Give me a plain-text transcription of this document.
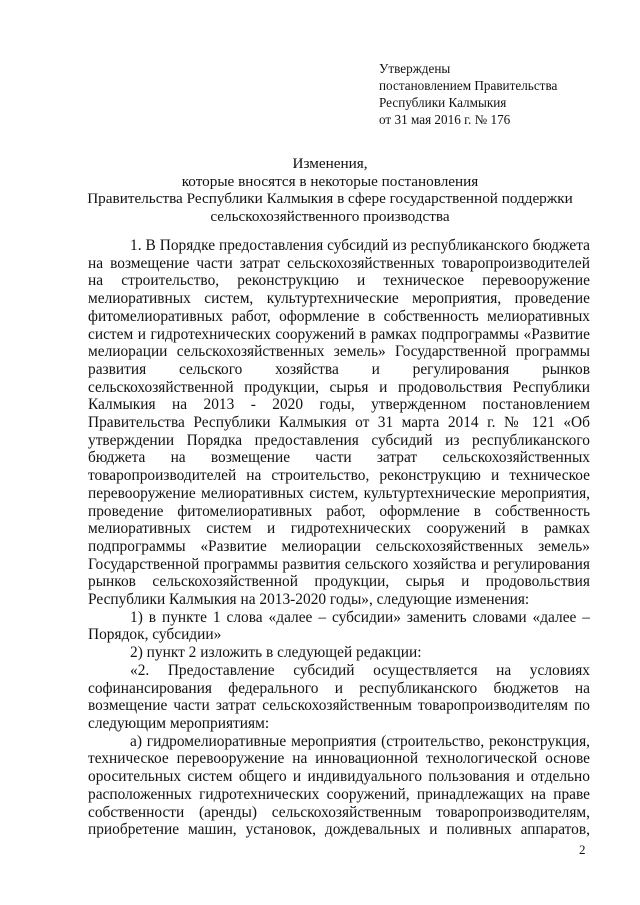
Утверждены
постановлением Правительства
Республики Калмыкия
от 31 мая 2016 г. № 176
Изменения,
которые вносятся в некоторые постановления
Правительства Республики Калмыкия в сфере государственной поддержки
сельскохозяйственного производства

1. В Порядке предоставления субсидий из республиканского бюджета на возмещение части затрат сельскохозяйственных товаропроизводителей на строительство, реконструкцию и техническое перевооружение мелиоративных систем, культуртехнические мероприятия, проведение фитомелиоративных работ, оформление в собственность мелиоративных систем и гидротехнических сооружений в рамках подпрограммы «Развитие мелиорации сельскохозяйственных земель» Государственной программы развития сельского хозяйства и регулирования рынков сельскохозяйственной продукции, сырья и продовольствия Республики Калмыкия на 2013 - 2020 годы, утвержденном постановлением Правительства Республики Калмыкия от 31 марта 2014 г. № 121 «Об утверждении Порядка предоставления субсидий из республиканского бюджета на возмещение части затрат сельскохозяйственных товаропроизводителей на строительство, реконструкцию и техническое перевооружение мелиоративных систем, культуртехнические мероприятия, проведение фитомелиоративных работ, оформление в собственность мелиоративных систем и гидротехнических сооружений в рамках подпрограммы «Развитие мелиорации сельскохозяйственных земель» Государственной программы развития сельского хозяйства и регулирования рынков сельскохозяйственной продукции, сырья и продовольствия Республики Калмыкия на 2013-2020 годы», следующие изменения:

1) в пункте 1 слова «далее – субсидии» заменить словами «далее – Порядок, субсидии»

2) пункт 2 изложить в следующей редакции:

«2. Предоставление субсидий осуществляется на условиях софинансирования федерального и республиканского бюджетов на возмещение части затрат сельскохозяйственным товаропроизводителям по следующим мероприятиям:

а) гидромелиоративные мероприятия (строительство, реконструкция, техническое перевооружение на инновационной технологической основе оросительных систем общего и индивидуального пользования и отдельно расположенных гидротехнических сооружений, принадлежащих на праве собственности (аренды) сельскохозяйственным товаропроизводителям, приобретение машин, установок, дождевальных и поливных аппаратов,

2
